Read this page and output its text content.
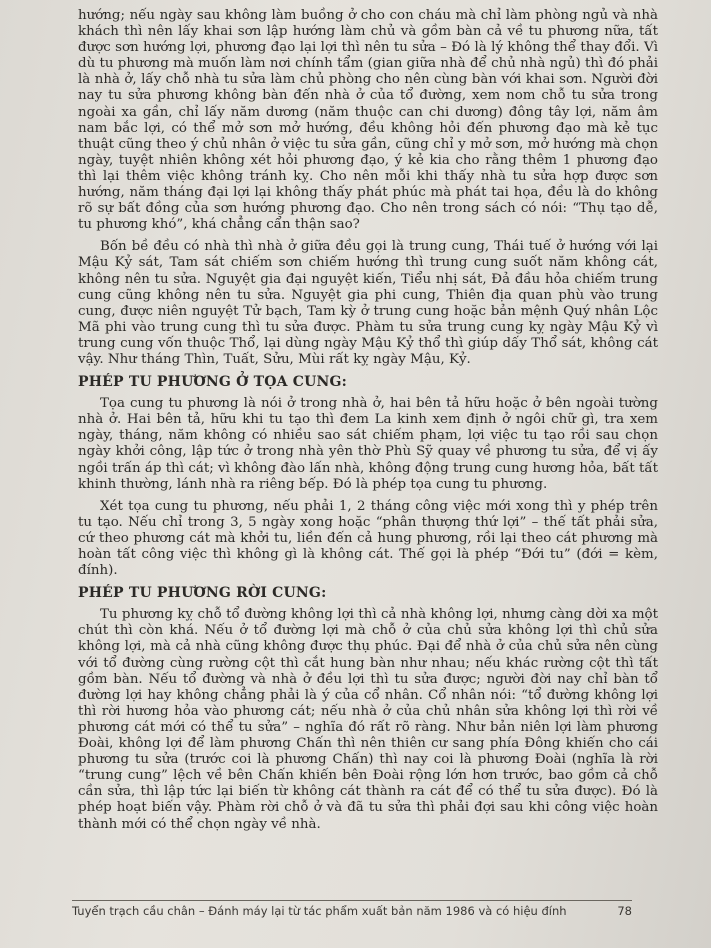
hướng; nếu ngày sau không làm buồng ở cho con cháu mà chỉ làm phòng ngủ và nhà khách thì nên lấy khai sơn lập hướng làm chủ và gồm bàn cả về tu phương nữa, tất được sơn hướng lợi, phương đạo lại lợi thì nên tu sửa – Đó là lý không thể thay đổi. Vì dù tu phương mà muốn làm nơi chính tẩm (gian giữa nhà để chủ nhà ngủ) thì đó phải là nhà ở, lấy chỗ nhà tu sửa làm chủ phòng cho nên cùng bàn với khai sơn. Người đời nay tu sửa phương không bàn đến nhà ở của tổ đường, xem nom chỗ tu sửa trong ngoài xa gần, chỉ lấy năm dương (năm thuộc can chi dương) đông tây lợi, năm âm nam bắc lợi, có thể mở sơn mở hướng, đều không hỏi đến phương đạo mà kẻ tục thuật cũng theo ý chủ nhân ở việc tu sửa gần, cũng chỉ y mở sơn, mở hướng mà chọn ngày, tuyệt nhiên không xét hỏi phương đạo, ý kẻ kia cho rằng thêm 1 phương đạo thì lại thêm việc không tránh kỵ. Cho nên mỗi khi thấy nhà tu sửa hợp được sơn hướng, năm tháng đại lợi lại không thấy phát phúc mà phát tai họa, đều là do không rõ sự bất đồng của sơn hướng phương đạo. Cho nên trong sách có nói: “Thụ tạo dễ, tu phương khó”, khá chẳng cẩn thận sao?

Bốn bề đều có nhà thì nhà ở giữa đều gọi là trung cung, Thái tuế ở hướng với lại Mậu Kỷ sát, Tam sát chiếm sơn chiếm hướng thì trung cung suốt năm không cát, không nên tu sửa. Nguyệt gia đại nguyệt kiến, Tiểu nhị sát, Đả đầu hỏa chiếm trung cung cũng không nên tu sửa. Nguyệt gia phi cung, Thiên địa quan phù vào trung cung, được niên nguyệt Tử bạch, Tam kỳ ở trung cung hoặc bản mệnh Quý nhân Lộc Mã phi vào trung cung thì tu sửa được. Phàm tu sửa trung cung kỵ ngày Mậu Kỷ vì trung cung vốn thuộc Thổ, lại dùng ngày Mậu Kỷ thổ thì giúp dấy Thổ sát, không cát vậy. Như tháng Thìn, Tuất, Sửu, Mùi rất kỵ ngày Mậu, Kỷ.

PHÉP TU PHƯƠNG Ở TỌA CUNG:

Tọa cung tu phương là nói ở trong nhà ở, hai bên tả hữu hoặc ở bên ngoài tường nhà ở. Hai bên tả, hữu khi tu tạo thì đem La kinh xem định ở ngôi chữ gì, tra xem ngày, tháng, năm không có nhiều sao sát chiếm phạm, lợi việc tu tạo rồi sau chọn ngày khởi công, lập tức ở trong nhà yên thờ Phù Sỹ quay về phương tu sửa, để vị ấy ngồi trấn áp thì cát; vì không đào lấn nhà, không động trung cung hương hỏa, bất tất khinh thường, lánh nhà ra riêng bếp. Đó là phép tọa cung tu phương.

Xét tọa cung tu phương, nếu phải 1, 2 tháng công việc mới xong thì y phép trên tu tạo. Nếu chỉ trong 3, 5 ngày xong hoặc “phân thượng thứ lợi” – thế tất phải sửa, cứ theo phương cát mà khởi tu, liền đến cả hung phương, rồi lại theo cát phương mà hoàn tất công việc thì không gì là không cát. Thế gọi là phép “Đới tu” (đới = kèm, đính).

PHÉP TU PHƯƠNG RỜI CUNG:

Tu phương kỵ chỗ tổ đường không lợi thì cả nhà không lợi, nhưng càng dời xa một chút thì còn khá. Nếu ở tổ đường lợi mà chỗ ở của chủ sửa không lợi thì chủ sửa không lợi, mà cả nhà cũng không được thụ phúc. Đại để nhà ở của chủ sửa nên cùng với tổ đường cùng rường cột thì cắt hung bàn như nhau; nếu khác rường cột thì tất gồm bàn. Nếu tổ đường và nhà ở đều lợi thì tu sửa được; người đời nay chỉ bàn tổ đường lợi hay không chẳng phải là ý của cổ nhân. Cổ nhân nói: “tổ đường không lợi thì rời hương hỏa vào phương cát; nếu nhà ở của chủ nhân sửa không lợi thì rời về phương cát mới có thể tu sửa” – nghĩa đó rất rõ ràng. Như bản niên lợi làm phương Đoài, không lợi để làm phương Chấn thì nên thiên cư sang phía Đông khiến cho cái phương tu sửa (trước coi là phương Chấn) thì nay coi là phương Đoài (nghĩa là rời “trung cung” lệch về bên Chấn khiến bên Đoài rộng lớn hơn trước, bao gồm cả chỗ cần sửa, thì lập tức lại biến từ không cát thành ra cát để có thể tu sửa được). Đó là phép hoạt biến vậy. Phàm rời chỗ ở và đã tu sửa thì phải đợi sau khi công việc hoàn thành mới có thể chọn ngày về nhà.

Tuyển trạch cầu chân – Đánh máy lại từ tác phẩm xuất bản năm 1986 và có hiệu đính	78
